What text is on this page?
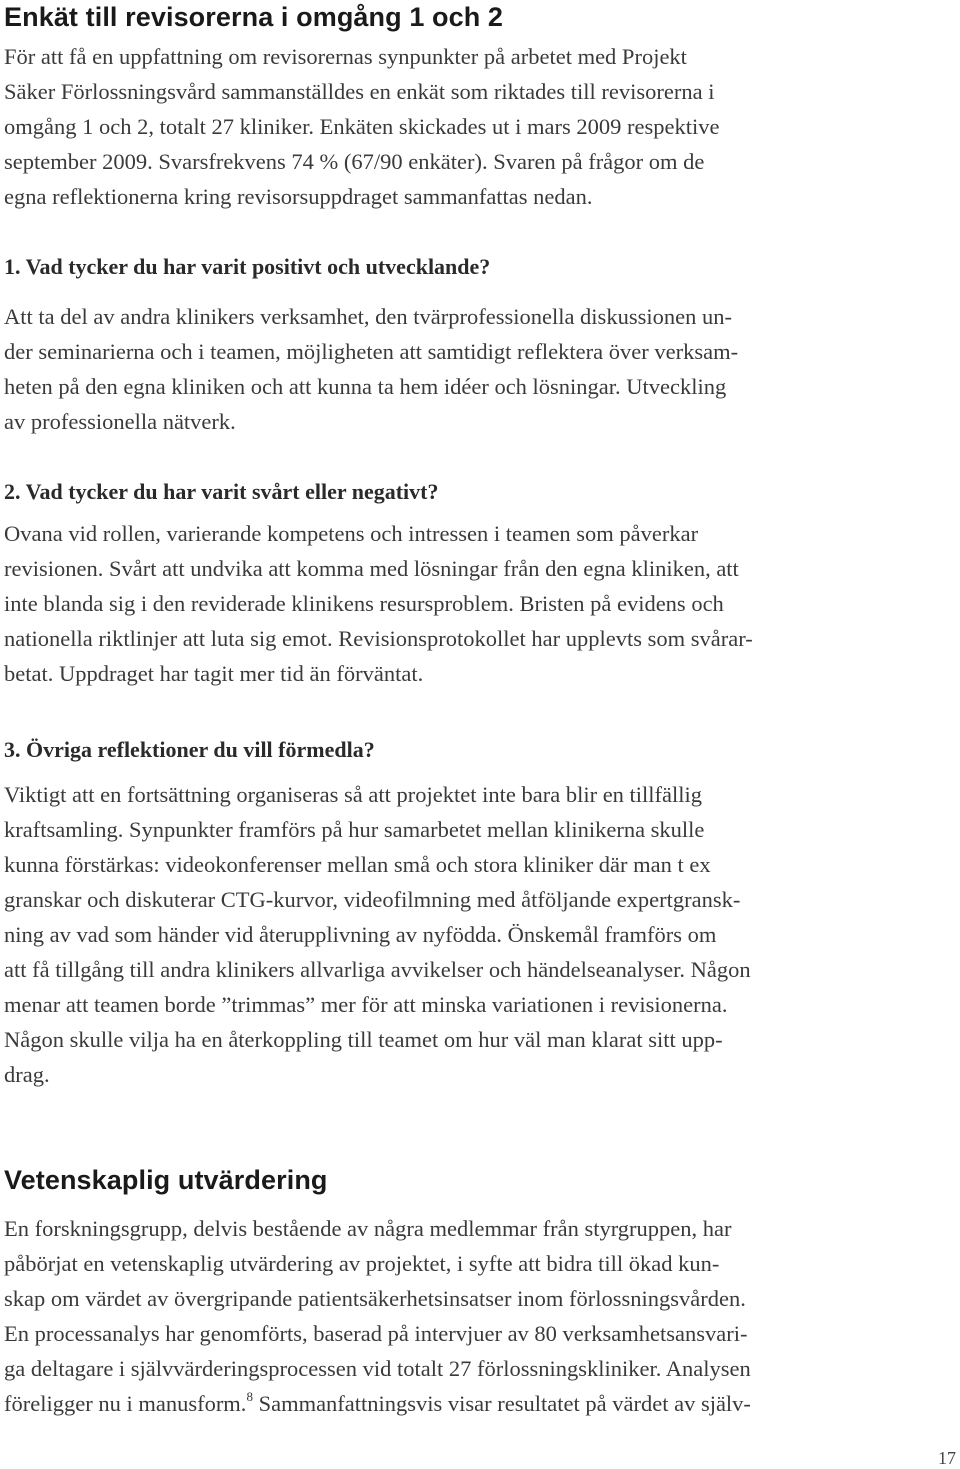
Enkät till revisorerna i omgång 1 och 2
För att få en uppfattning om revisorernas synpunkter på arbetet med Projekt
Säker Förlossningsvård sammanställdes en enkät som riktades till revisorerna i
omgång 1 och 2, totalt 27 kliniker. Enkäten skickades ut i mars 2009 respektive
september 2009. Svarsfrekvens 74 % (67/90 enkäter). Svaren på frågor om de
egna reflektionerna kring revisorsuppdraget sammanfattas nedan.
1. Vad tycker du har varit positivt och utvecklande?
Att ta del av andra klinikers verksamhet, den tvärprofessionella diskussionen un-
der seminarierna och i teamen, möjligheten att samtidigt reflektera över verksam-
heten på den egna kliniken och att kunna ta hem idéer och lösningar. Utveckling
av professionella nätverk.
2. Vad tycker du har varit svårt eller negativt?
Ovana vid rollen, varierande kompetens och intressen i teamen som påverkar
revisionen. Svårt att undvika att komma med lösningar från den egna kliniken, att
inte blanda sig i den reviderade klinikens resursproblem. Bristen på evidens och
nationella riktlinjer att luta sig emot. Revisionsprotokollet har upplevts som svårar-
betat. Uppdraget har tagit mer tid än förväntat.
3. Övriga reflektioner du vill förmedla?
Viktigt att en fortsättning organiseras så att projektet inte bara blir en tillfällig
kraftsamling. Synpunkter framförs på hur samarbetet mellan klinikerna skulle
kunna förstärkas: videokonferenser mellan små och stora kliniker där man t ex
granskar och diskuterar CTG-kurvor, videofilmning med åtföljande expertgransk-
ning av vad som händer vid återupplivning av nyfödda. Önskemål framförs om
att få tillgång till andra klinikers allvarliga avvikelser och händelseanalyser. Någon
menar att teamen borde ”trimmas” mer för att minska variationen i revisionerna.
Någon skulle vilja ha en återkoppling till teamet om hur väl man klarat sitt upp-
drag.
Vetenskaplig utvärdering
En forskningsgrupp, delvis bestående av några medlemmar från styrgruppen, har
påbörjat en vetenskaplig utvärdering av projektet, i syfte att bidra till ökad kun-
skap om värdet av övergripande patientsäkerhetsinsatser inom förlossningsvården.
En processanalys har genomförts, baserad på intervjuer av 80 verksamhetsansvari-
ga deltagare i självvärderingsprocessen vid totalt 27 förlossningskliniker. Analysen
föreligger nu i manusform.$^8$ Sammanfattningsvis visar resultatet på värdet av själv-
17
